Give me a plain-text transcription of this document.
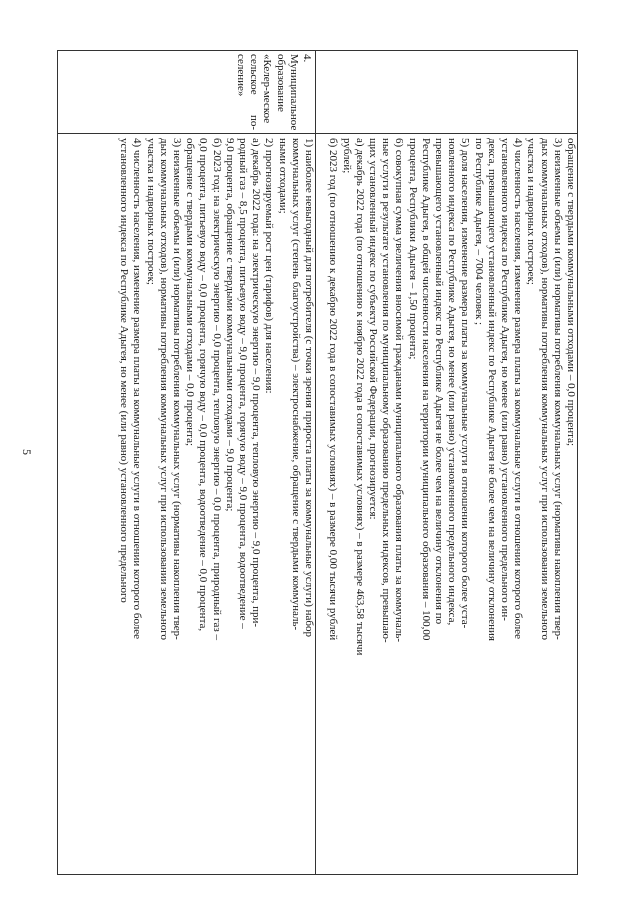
5
обращение с твердыми коммунальными отходами – 0,0 процента;
3) неизменные объемы и (или) нормативы потребления коммунальных услуг (нормативы накопления твер-
дых коммунальных отходов), нормативы потребления коммунальных услуг при использовании земельного
участка и надворных построек;
4) численность населения, изменение размера платы за коммунальные услуги в отношении которого более
установленного индекса по Республике Адыгея, но менее (или равно) установленного предельного ин-
декса, превышающего установленный индекс по Республике Адыгея не более чем на величину отклонения
по Республике Адыгея, – 7004 человек ;
5) доля населения, изменение размера платы за коммунальные услуги в отношении которого более уста-
новленного индекса по Республике Адыгея, но менее (или равно) установленного предельного индекса,
превышающего установленный индекс по Республике Адыгея не более чем на величину отклонения по
Республике Адыгея, в общей численности населения на территории муниципального образования – 100,00
процента, Республики Адыгея – 1,50 процента;
6) совокупная сумма увеличения вносимой гражданами муниципального образования платы за коммуналь-
ные услуги в результате установления по муниципальному образованию предельных индексов, превышаю-
щих установленный индекс по субъекту Российской Федерации, прогнозируется:
а) декабрь 2022 года (по отношению к ноябрю 2022 года в сопоставимых условиях) – в размере 463,58 тысячи
рублей;
б) 2023 год (по отношению к декабрю 2022 года в сопоставимых условиях) – в размере 0,00 тысячи рублей
4. Муниципальное образование «Келер-меское сельское по-селение»
1) наиболее невыгодный для потребителя (с точки зрения прироста платы за коммунальные услуги) набор
коммунальных услуг (степень благоустройства) – электроснабжение, обращение с твердыми коммуналь-
ными отходами;
2) прогнозируемый рост цен (тарифов) для населения:
а) декабрь 2022 года: на электрическую энергию – 9,0 процента, тепловую энергию – 9,0 процента, при-
родный газ – 8,5 процента, питьевую воду – 9,0 процента, горячую воду – 9,0 процента, водоотведение –
9,0 процента, обращение с твердыми коммунальными отходами – 9,0 процента;
б) 2023 год: на электрическую энергию – 0,0 процента, тепловую энергию – 0,0 процента, природный газ –
0,0 процента, питьевую воду – 0,0 процента, горячую воду – 0,0 процента, водоотведение – 0,0 процента,
обращение с твердыми коммунальными отходами – 0,0 процента;
3) неизменные объемы и (или) нормативы потребления коммунальных услуг (нормативы накопления твер-
дых коммунальных отходов), нормативы потребления коммунальных услуг при использовании земельного
участка и надворных построек;
4) численность населения, изменение размера платы за коммунальные услуги в отношении которого более
установленного индекса по Республике Адыгея, но менее (или равно) установленного предельного
